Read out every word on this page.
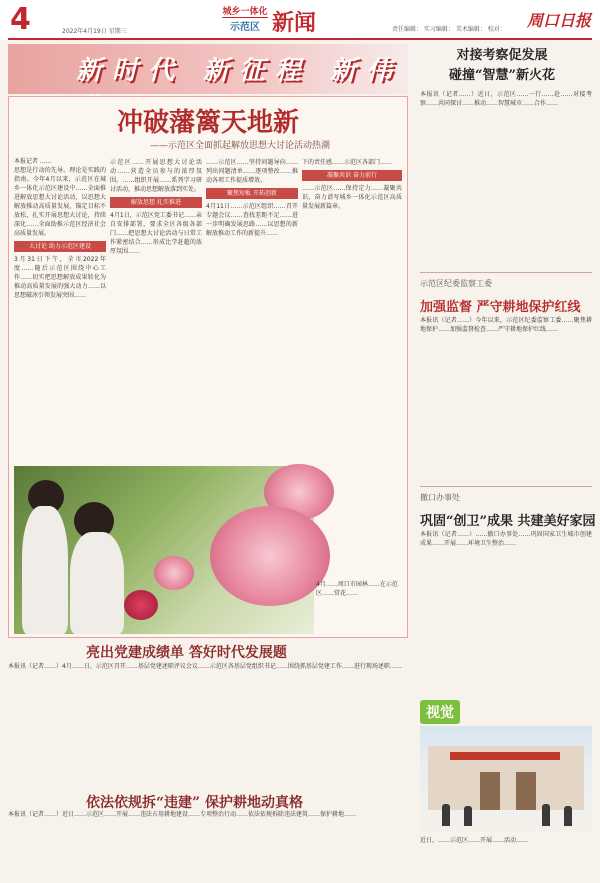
4	2022年4月19日 星期三
城乡一体化
示范区 新闻	责任编辑： 实习编辑： 美术编辑： 校对： 周口日报
新时代 新征程 新伟
冲破藩篱天地新
——示范区全面抓起解放思想大讨论活动热潮
本报记者 ……
思想是行动的先导。理论是实践的指南。今年4月以来，示范区在城乡一体化示范区建设中……全面推进解放思想大讨论活动，以思想大解放推动高质量发展，锚定目标不放松，扎实开展思想大讨论，持续深化……全面助推示范区经济社会高质量发展。
大讨论 助力示范区建设
3月31日下午，全市2022年度……随后示范区围绕中心工作……切实把思想解放成果转化为推动高质量发展的强大动力……以思想破冰引领发展突围……
示范区……开展思想大讨论活动……营造全员参与的浓厚氛围。……组织开展……系列学习研讨活动，推动思想解放落到实处。
解放思想 扎实推进
4月1日，示范区党工委书记……亲自安排部署，要求全区各级各部门……把思想大讨论活动与日常工作紧密结合……形成比学赶超的浓厚氛围……
……示范区……坚持问题导向……列出问题清单……逐项整改……推动各项工作提质增效。
聚焦短板 开拓创新
4月11日……示范区组织……召开专题会议……查找差距不足……进一步明确发展思路……以思想的新解放推动工作的新提升……
下的责任感……示范区各部门……
凝聚共识 奋力前行
……示范区……保持定力……凝聚共识，奋力谱写城乡一体化示范区高质量发展新篇章。
4月……周口市园林……在示范区……赏花……
亮出党建成绩单 答好时代发展题
本报讯（记者……）4月……日，示范区召开……基层党建述职评议会议……示范区各基层党组织书记……围绕抓基层党建工作……进行现场述职……
依法依规拆“违建” 保护耕地动真格
本报讯（记者……）近日……示范区……开展……违法占用耕地建设……专项整治行动……依法依规拆除违法建筑……保护耕地……
对接考察促发展
碰撞“智慧”新火花
本报讯（记者……）近日，示范区……一行……赴……对接考察……共同探讨……推动……智慧城市……合作……
示范区纪委监察工委
加强监督 严守耕地保护红线
本报讯（记者……）今年以来，示范区纪委监察工委……聚焦耕地保护……加强监督检查……严守耕地保护红线……
撤口办事处
巩固“创卫”成果 共建美好家园
本报讯（记者……）……撤口办事处……巩固国家卫生城市创建成果……开展……环境卫生整治……
视觉
近日，……示范区……开展……活动……
